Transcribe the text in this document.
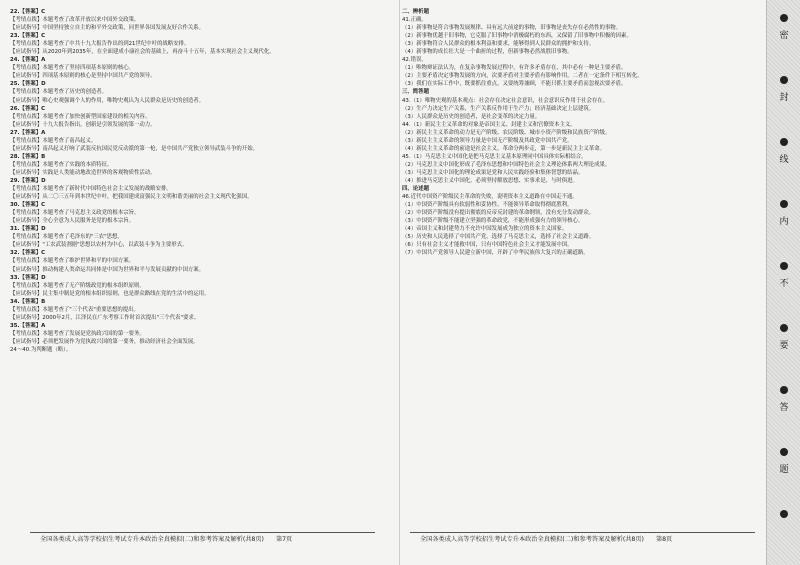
22.【答案】C
【考情点拨】本题考查了改革开放以来中国外交政策。
【应试指导】中国坚持独立自主的和平外交政策，同世界各国发展友好合作关系。
23.【答案】C
【考情点拨】本题考查了中共十九大报告作出的到21世纪中叶的战略安排。
【应试指导】从2020年到2035年，在全面建成小康社会的基础上，再奋斗十五年，基本实现社会主义现代化。
24.【答案】A
【考情点拨】本题考查了坚持四项基本原则的核心。
【应试指导】四项基本原则的核心是坚持中国共产党的领导。
25.【答案】D
【考情点拨】本题考查了历史的创造者。
【应试指导】唯心史观强调个人的作用，唯物史观认为人民群众是历史的创造者。
26.【答案】C
【考情点拨】本题考查了加快创新型国家建设的相关内容。
【应试指导】十九大报告指出，创新是引领发展的第一动力。
27.【答案】A
【考情点拨】本题考查了南昌起义。
【应试指导】南昌起义打响了武装反抗国民党反动派的第一枪，是中国共产党独立领导武装斗争的开始。
28.【答案】B
【考情点拨】本题考查了实践的本质特征。
【应试指导】实践是人类能动地改造世界的客观物质性活动。
29.【答案】D
【考情点拨】本题考查了新时代中国特色社会主义发展的战略安排。
【应试指导】从二〇三五年到本世纪中叶，把我国建成富强民主文明和谐美丽的社会主义现代化强国。
30.【答案】C
【考情点拨】本题考查了马克思主义政党的根本宗旨。
【应试指导】全心全意为人民服务是党的根本宗旨。
31.【答案】D
【考情点拨】本题考查了毛泽东的"三农"思想。
【应试指导】"工农武装割据"思想以农村为中心，以武装斗争为主要形式。
32.【答案】C
【考情点拨】本题考查了维护世界和平的中国方案。
【应试指导】推动构建人类命运共同体是中国为世界和平与发展贡献的中国方案。
33.【答案】D
【考情点拨】本题考查了无产阶级政党的根本组织原则。
【应试指导】民主集中制是党的根本组织原则，也是群众路线在党的生活中的运用。
34.【答案】B
【考情点拨】本题考查了"三个代表"重要思想的提出。
【应试指导】2000年2月，江泽民在广东考察工作时首次提出"三个代表"要求。
35.【答案】A
【考情点拨】本题考查了发展是党执政兴国的第一要务。
【应试指导】必须把发展作为党执政兴国的第一要务，推动经济社会全面发展。
24～40.为判断题（略）。
二、辨析题
41.正确。
（1）新事物是符合事物发展规律、具有远大前途的事物，旧事物是丧失存在必然性的事物。
（2）新事物优越于旧事物，它克服了旧事物中消极腐朽的东西，又保留了旧事物中积极的因素。
（3）新事物符合人民群众的根本利益和要求，能够得到人民群众的拥护和支持。
（4）新事物的成长壮大是一个曲折的过程，但新事物必然战胜旧事物。
42.错误。
（1）唯物辩证法认为，在复杂事物发展过程中，有许多矛盾存在，其中必有一种是主要矛盾。
（2）主要矛盾决定事物发展的方向，次要矛盾对主要矛盾有影响作用，二者在一定条件下相互转化。
（3）我们在实际工作中，既要抓住重点，又要统筹兼顾，不能只抓主要矛盾而忽视次要矛盾。
三、简答题
43.（1）唯物史观的基本观点：社会存在决定社会意识，社会意识反作用于社会存在。
（2）生产力决定生产关系，生产关系反作用于生产力；经济基础决定上层建筑。
（3）人民群众是历史的创造者，是社会变革的决定力量。
44.（1）新民主主义革命的对象是帝国主义、封建主义和官僚资本主义。
（2）新民主主义革命的动力是无产阶级、农民阶级、城市小资产阶级和民族资产阶级。
（3）新民主主义革命的领导力量是中国无产阶级及其政党中国共产党。
（4）新民主主义革命的前途是社会主义，革命分两步走，第一步是新民主主义革命。
45.（1）马克思主义中国化是把马克思主义基本原理同中国具体实际相结合。
（2）马克思主义中国化形成了毛泽东思想和中国特色社会主义理论体系两大理论成果。
（3）马克思主义中国化的理论成果是党和人民实践经验和集体智慧的结晶。
（4）推进马克思主义中国化，必须坚持解放思想、实事求是、与时俱进。
四、论述题
46.近代中国资产阶级民主革命的失败，说明资本主义道路在中国走不通。
（1）中国资产阶级具有软弱性和妥协性，不能领导革命取得彻底胜利。
（2）中国资产阶级没有提出彻底的反帝反封建的革命纲领，没有充分发动群众。
（3）中国资产阶级不能建立坚强的革命政党，不能形成强有力的领导核心。
（4）帝国主义和封建势力不允许中国发展成为独立的资本主义国家。
（5）历史和人民选择了中国共产党，选择了马克思主义，选择了社会主义道路。
（6）只有社会主义才能救中国，只有中国特色社会主义才能发展中国。
（7）中国共产党领导人民建立新中国，开辟了中华民族伟大复兴的正确道路。
全国各类成人高等学校招生考试专升本政治全真模拟(二)和参考答案及解析(共8页) 第7页	全国各类成人高等学校招生考试专升本政治全真模拟(二)和参考答案及解析(共8页) 第8页
密
封
线
内
不
要
答
题
